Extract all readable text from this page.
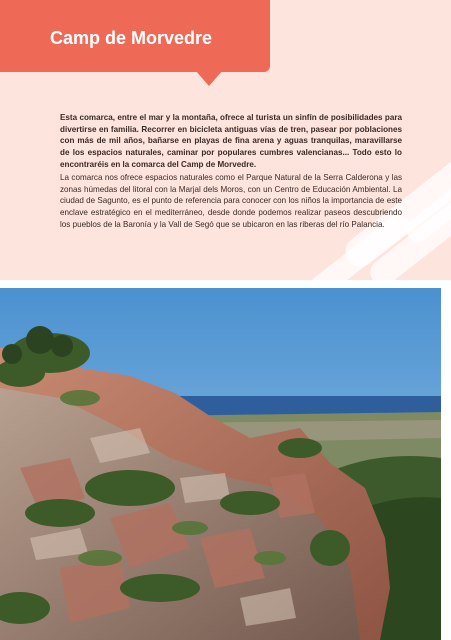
Camp de Morvedre

Esta comarca, entre el mar y la montaña, ofrece al turista un sinfín de posibilidades para divertirse en familia. Recorrer en bicicleta antiguas vías de tren, pasear por poblaciones con más de mil años, bañarse en playas de fina arena y aguas tranquilas, maravillarse de los espacios naturales, caminar por populares cumbres valencianas... Todo esto lo encontraréis en la comarca del Camp de Morvedre.

La comarca nos ofrece espacios naturales como el Parque Natural de la Serra Calderona y las zonas húmedas del litoral con la Marjal dels Moros, con un Centro de Educación Ambiental. La ciudad de Sagunto, es el punto de referencia para conocer con los niños la importancia de este enclave estratégico en el mediterráneo, desde donde podemos realizar paseos descubriendo los pueblos de la Baronía y la Vall de Segó que se ubicaron en las riberas del río Palancia.
